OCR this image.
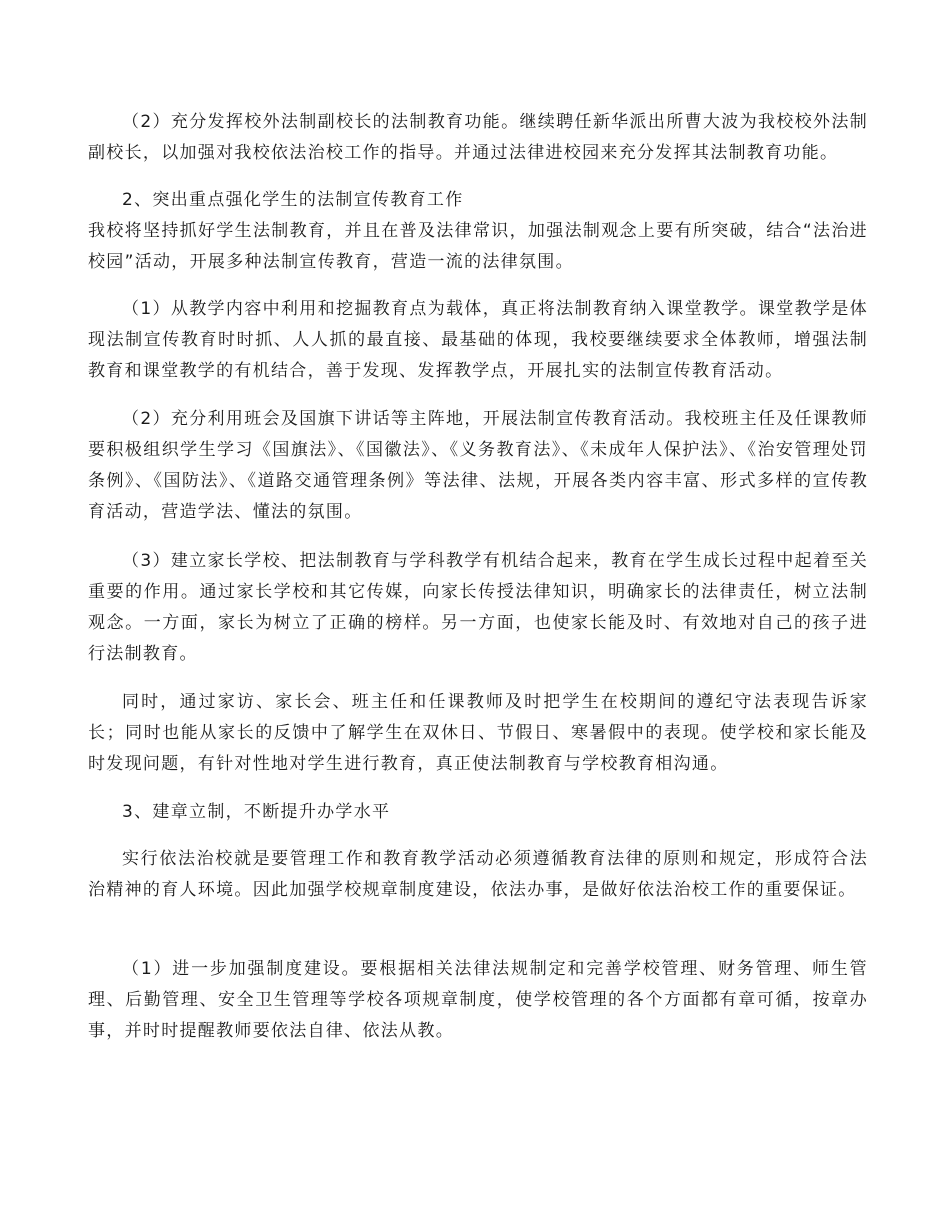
（2）充分发挥校外法制副校长的法制教育功能。继续聘任新华派出所曹大波为我校校外法制副校长，以加强对我校依法治校工作的指导。并通过法律进校园来充分发挥其法制教育功能。

2、突出重点强化学生的法制宣传教育工作

我校将坚持抓好学生法制教育，并且在普及法律常识，加强法制观念上要有所突破，结合“法治进校园”活动，开展多种法制宣传教育，营造一流的法律氛围。

（1）从教学内容中利用和挖掘教育点为载体，真正将法制教育纳入课堂教学。课堂教学是体现法制宣传教育时时抓、人人抓的最直接、最基础的体现，我校要继续要求全体教师，增强法制教育和课堂教学的有机结合，善于发现、发挥教学点，开展扎实的法制宣传教育活动。

（2）充分利用班会及国旗下讲话等主阵地，开展法制宣传教育活动。我校班主任及任课教师要积极组织学生学习《国旗法》、《国徽法》、《义务教育法》、《未成年人保护法》、《治安管理处罚条例》、《国防法》、《道路交通管理条例》等法律、法规，开展各类内容丰富、形式多样的宣传教育活动，营造学法、懂法的氛围。

（3）建立家长学校、把法制教育与学科教学有机结合起来，教育在学生成长过程中起着至关重要的作用。通过家长学校和其它传媒，向家长传授法律知识，明确家长的法律责任，树立法制观念。一方面，家长为树立了正确的榜样。另一方面，也使家长能及时、有效地对自己的孩子进行法制教育。

同时，通过家访、家长会、班主任和任课教师及时把学生在校期间的遵纪守法表现告诉家长；同时也能从家长的反馈中了解学生在双休日、节假日、寒暑假中的表现。使学校和家长能及时发现问题，有针对性地对学生进行教育，真正使法制教育与学校教育相沟通。

3、建章立制，不断提升办学水平

实行依法治校就是要管理工作和教育教学活动必须遵循教育法律的原则和规定，形成符合法治精神的育人环境。因此加强学校规章制度建设，依法办事，是做好依法治校工作的重要保证。

（1）进一步加强制度建设。要根据相关法律法规制定和完善学校管理、财务管理、师生管理、后勤管理、安全卫生管理等学校各项规章制度，使学校管理的各个方面都有章可循，按章办事，并时时提醒教师要依法自律、依法从教。
